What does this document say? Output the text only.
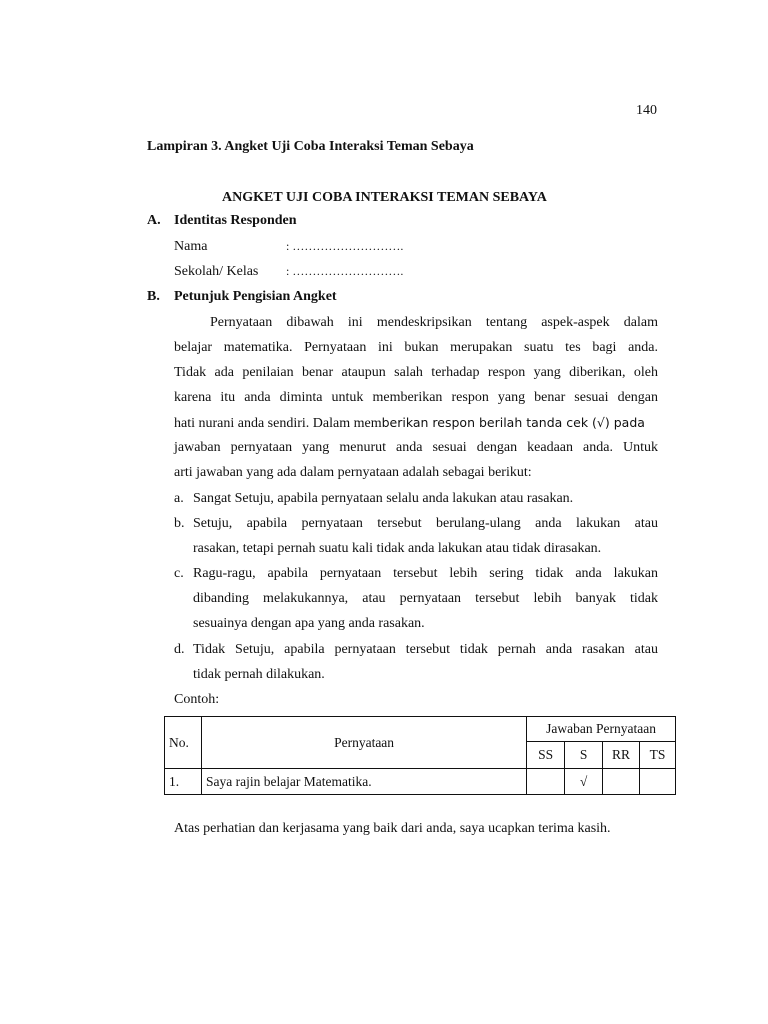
140
Lampiran 3. Angket Uji Coba Interaksi Teman Sebaya
ANGKET UJI COBA INTERAKSI TEMAN SEBAYA
A. Identitas Responden
Nama	: ……………………….
Sekolah/ Kelas : ……………………….
B. Petunjuk Pengisian Angket
Pernyataan dibawah ini mendeskripsikan tentang aspek-aspek dalam
belajar matematika. Pernyataan ini bukan merupakan suatu tes bagi anda.
Tidak ada penilaian benar ataupun salah terhadap respon yang diberikan, oleh
karena itu anda diminta untuk memberikan respon yang benar sesuai dengan
hati nurani anda sendiri. Dalam memberikan respon berilah tanda cek (√) pada
jawaban pernyataan yang menurut anda sesuai dengan keadaan anda. Untuk
arti jawaban yang ada dalam pernyataan adalah sebagai berikut:
a. Sangat Setuju, apabila pernyataan selalu anda lakukan atau rasakan.
b. Setuju, apabila pernyataan tersebut berulang-ulang anda lakukan atau
rasakan, tetapi pernah suatu kali tidak anda lakukan atau tidak dirasakan.
c. Ragu-ragu, apabila pernyataan tersebut lebih sering tidak anda lakukan
dibanding melakukannya, atau pernyataan tersebut lebih banyak tidak
sesuainya dengan apa yang anda rasakan.
d. Tidak Setuju, apabila pernyataan tersebut tidak pernah anda rasakan atau
tidak pernah dilakukan.
Contoh:
No.	Pernyataan	Jawaban Pernyataan			
		SS	S	RR	TS
1.	Saya rajin belajar Matematika.		√		
Atas perhatian dan kerjasama yang baik dari anda, saya ucapkan terima kasih.
